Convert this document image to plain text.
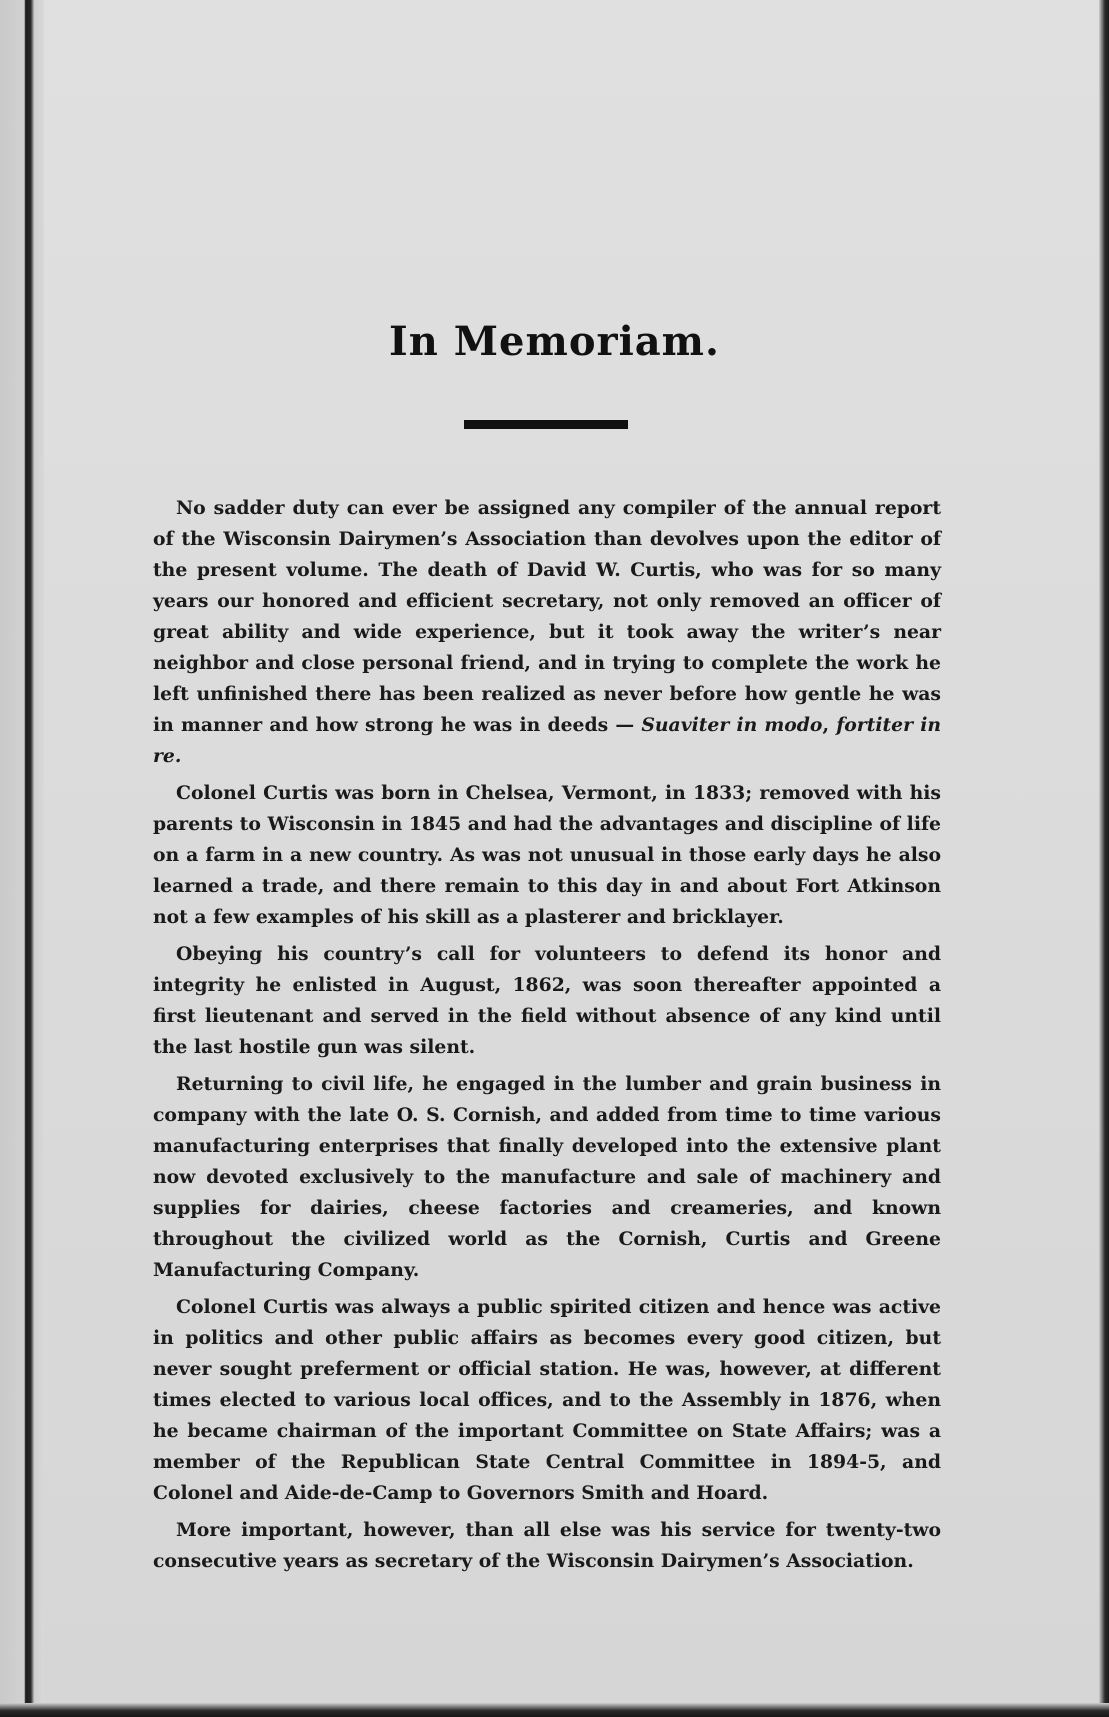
In Memoriam.

No sadder duty can ever be assigned any compiler of the annual report of the Wisconsin Dairymen’s Association than devolves upon the editor of the present volume. The death of David W. Curtis, who was for so many years our honored and efficient secretary, not only removed an officer of great ability and wide experience, but it took away the writer’s near neighbor and close personal friend, and in trying to complete the work he left unfinished there has been realized as never before how gentle he was in manner and how strong he was in deeds — Suaviter in modo, fortiter in re.

Colonel Curtis was born in Chelsea, Vermont, in 1833; removed with his parents to Wisconsin in 1845 and had the advantages and discipline of life on a farm in a new country. As was not unusual in those early days he also learned a trade, and there remain to this day in and about Fort Atkinson not a few examples of his skill as a plasterer and bricklayer.

Obeying his country’s call for volunteers to defend its honor and integrity he enlisted in August, 1862, was soon thereafter appointed a first lieutenant and served in the field without absence of any kind until the last hostile gun was silent.

Returning to civil life, he engaged in the lumber and grain business in company with the late O. S. Cornish, and added from time to time various manufacturing enterprises that finally developed into the extensive plant now devoted exclusively to the manufacture and sale of machinery and supplies for dairies, cheese factories and creameries, and known throughout the civilized world as the Cornish, Curtis and Greene Manufacturing Company.

Colonel Curtis was always a public spirited citizen and hence was active in politics and other public affairs as becomes every good citizen, but never sought preferment or official station. He was, however, at different times elected to various local offices, and to the Assembly in 1876, when he became chairman of the important Committee on State Affairs; was a member of the Republican State Central Committee in 1894-5, and Colonel and Aide-de-Camp to Governors Smith and Hoard.

More important, however, than all else was his service for twenty-two consecutive years as secretary of the Wisconsin Dairymen’s Association.
